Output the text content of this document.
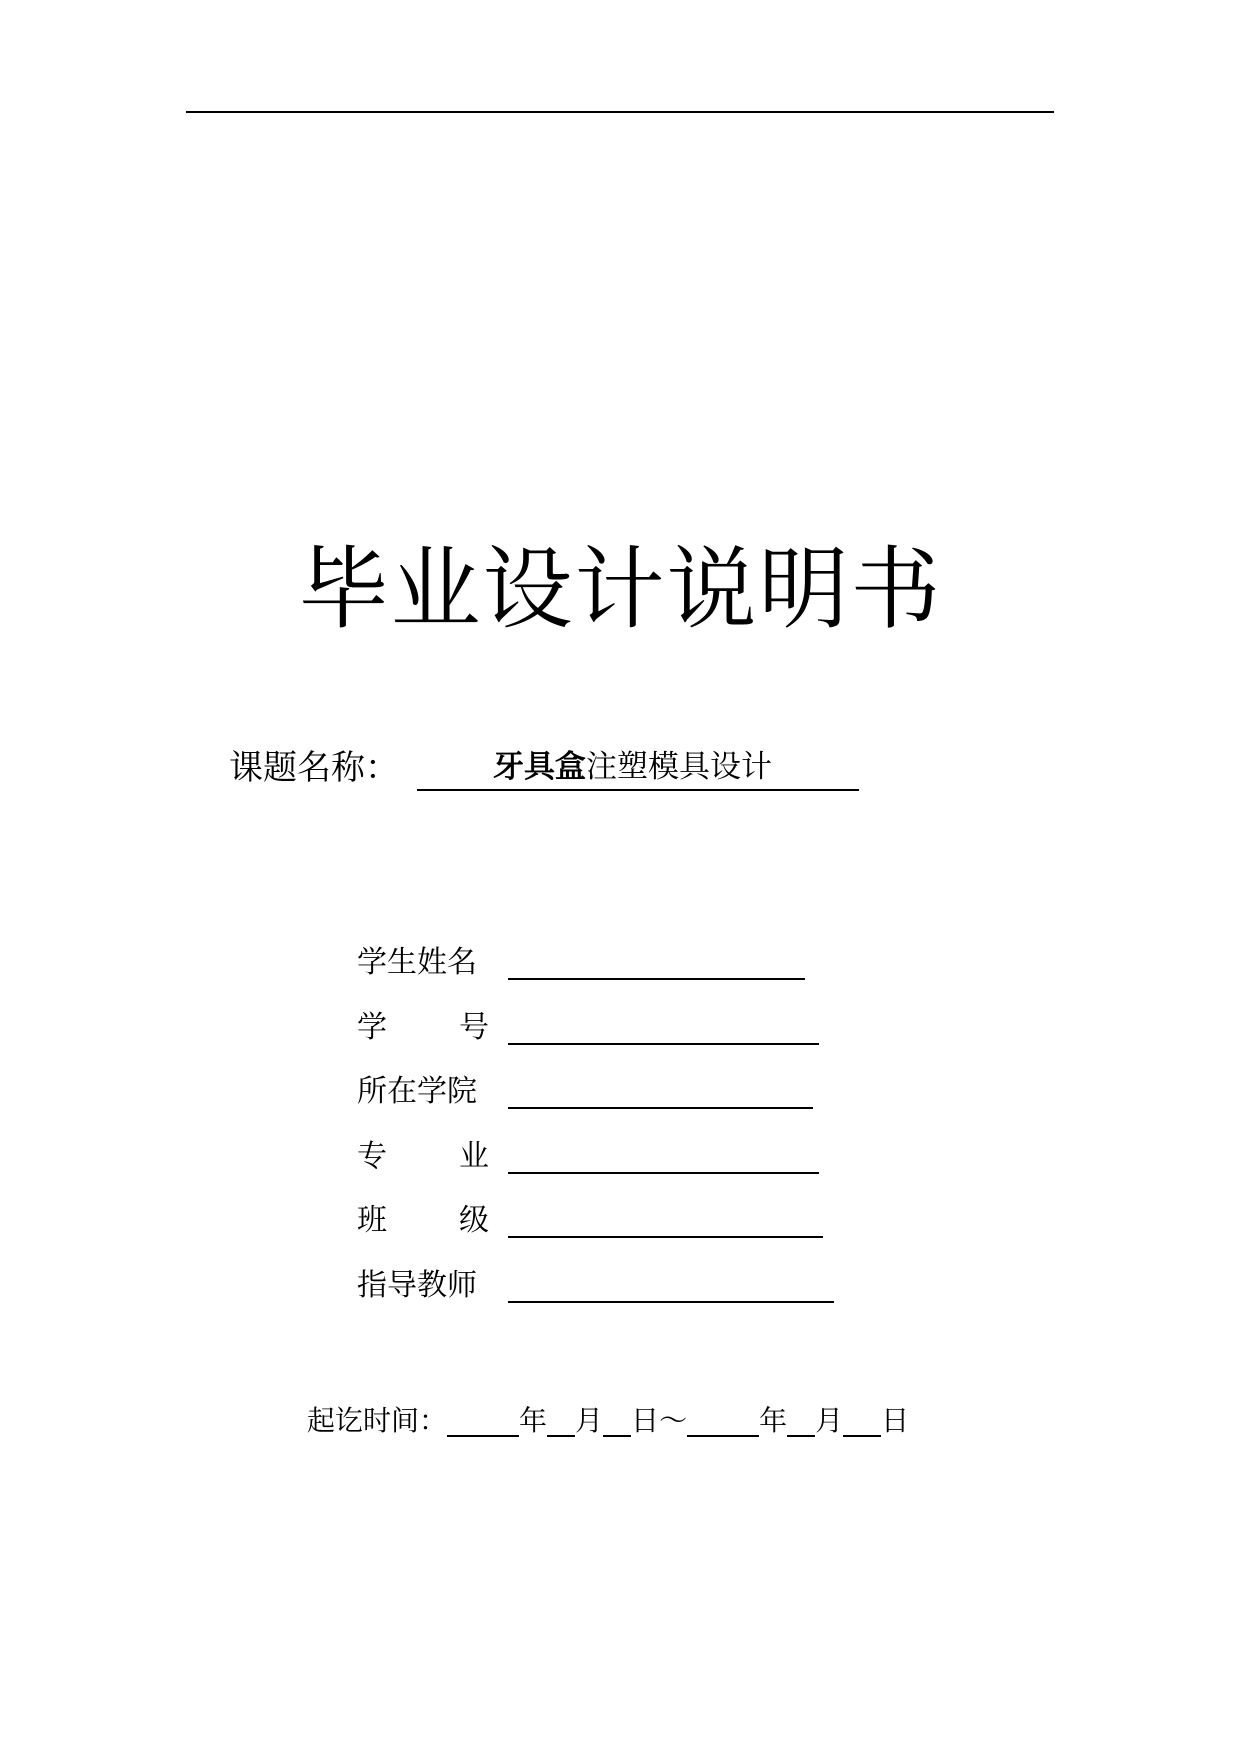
毕业设计说明书
课题名称：	牙具盒注塑模具设计
学生姓名
学 号
所在学院
专 业
班 级
指导教师
起讫时间：	年 月 日 ～	年 月 日
